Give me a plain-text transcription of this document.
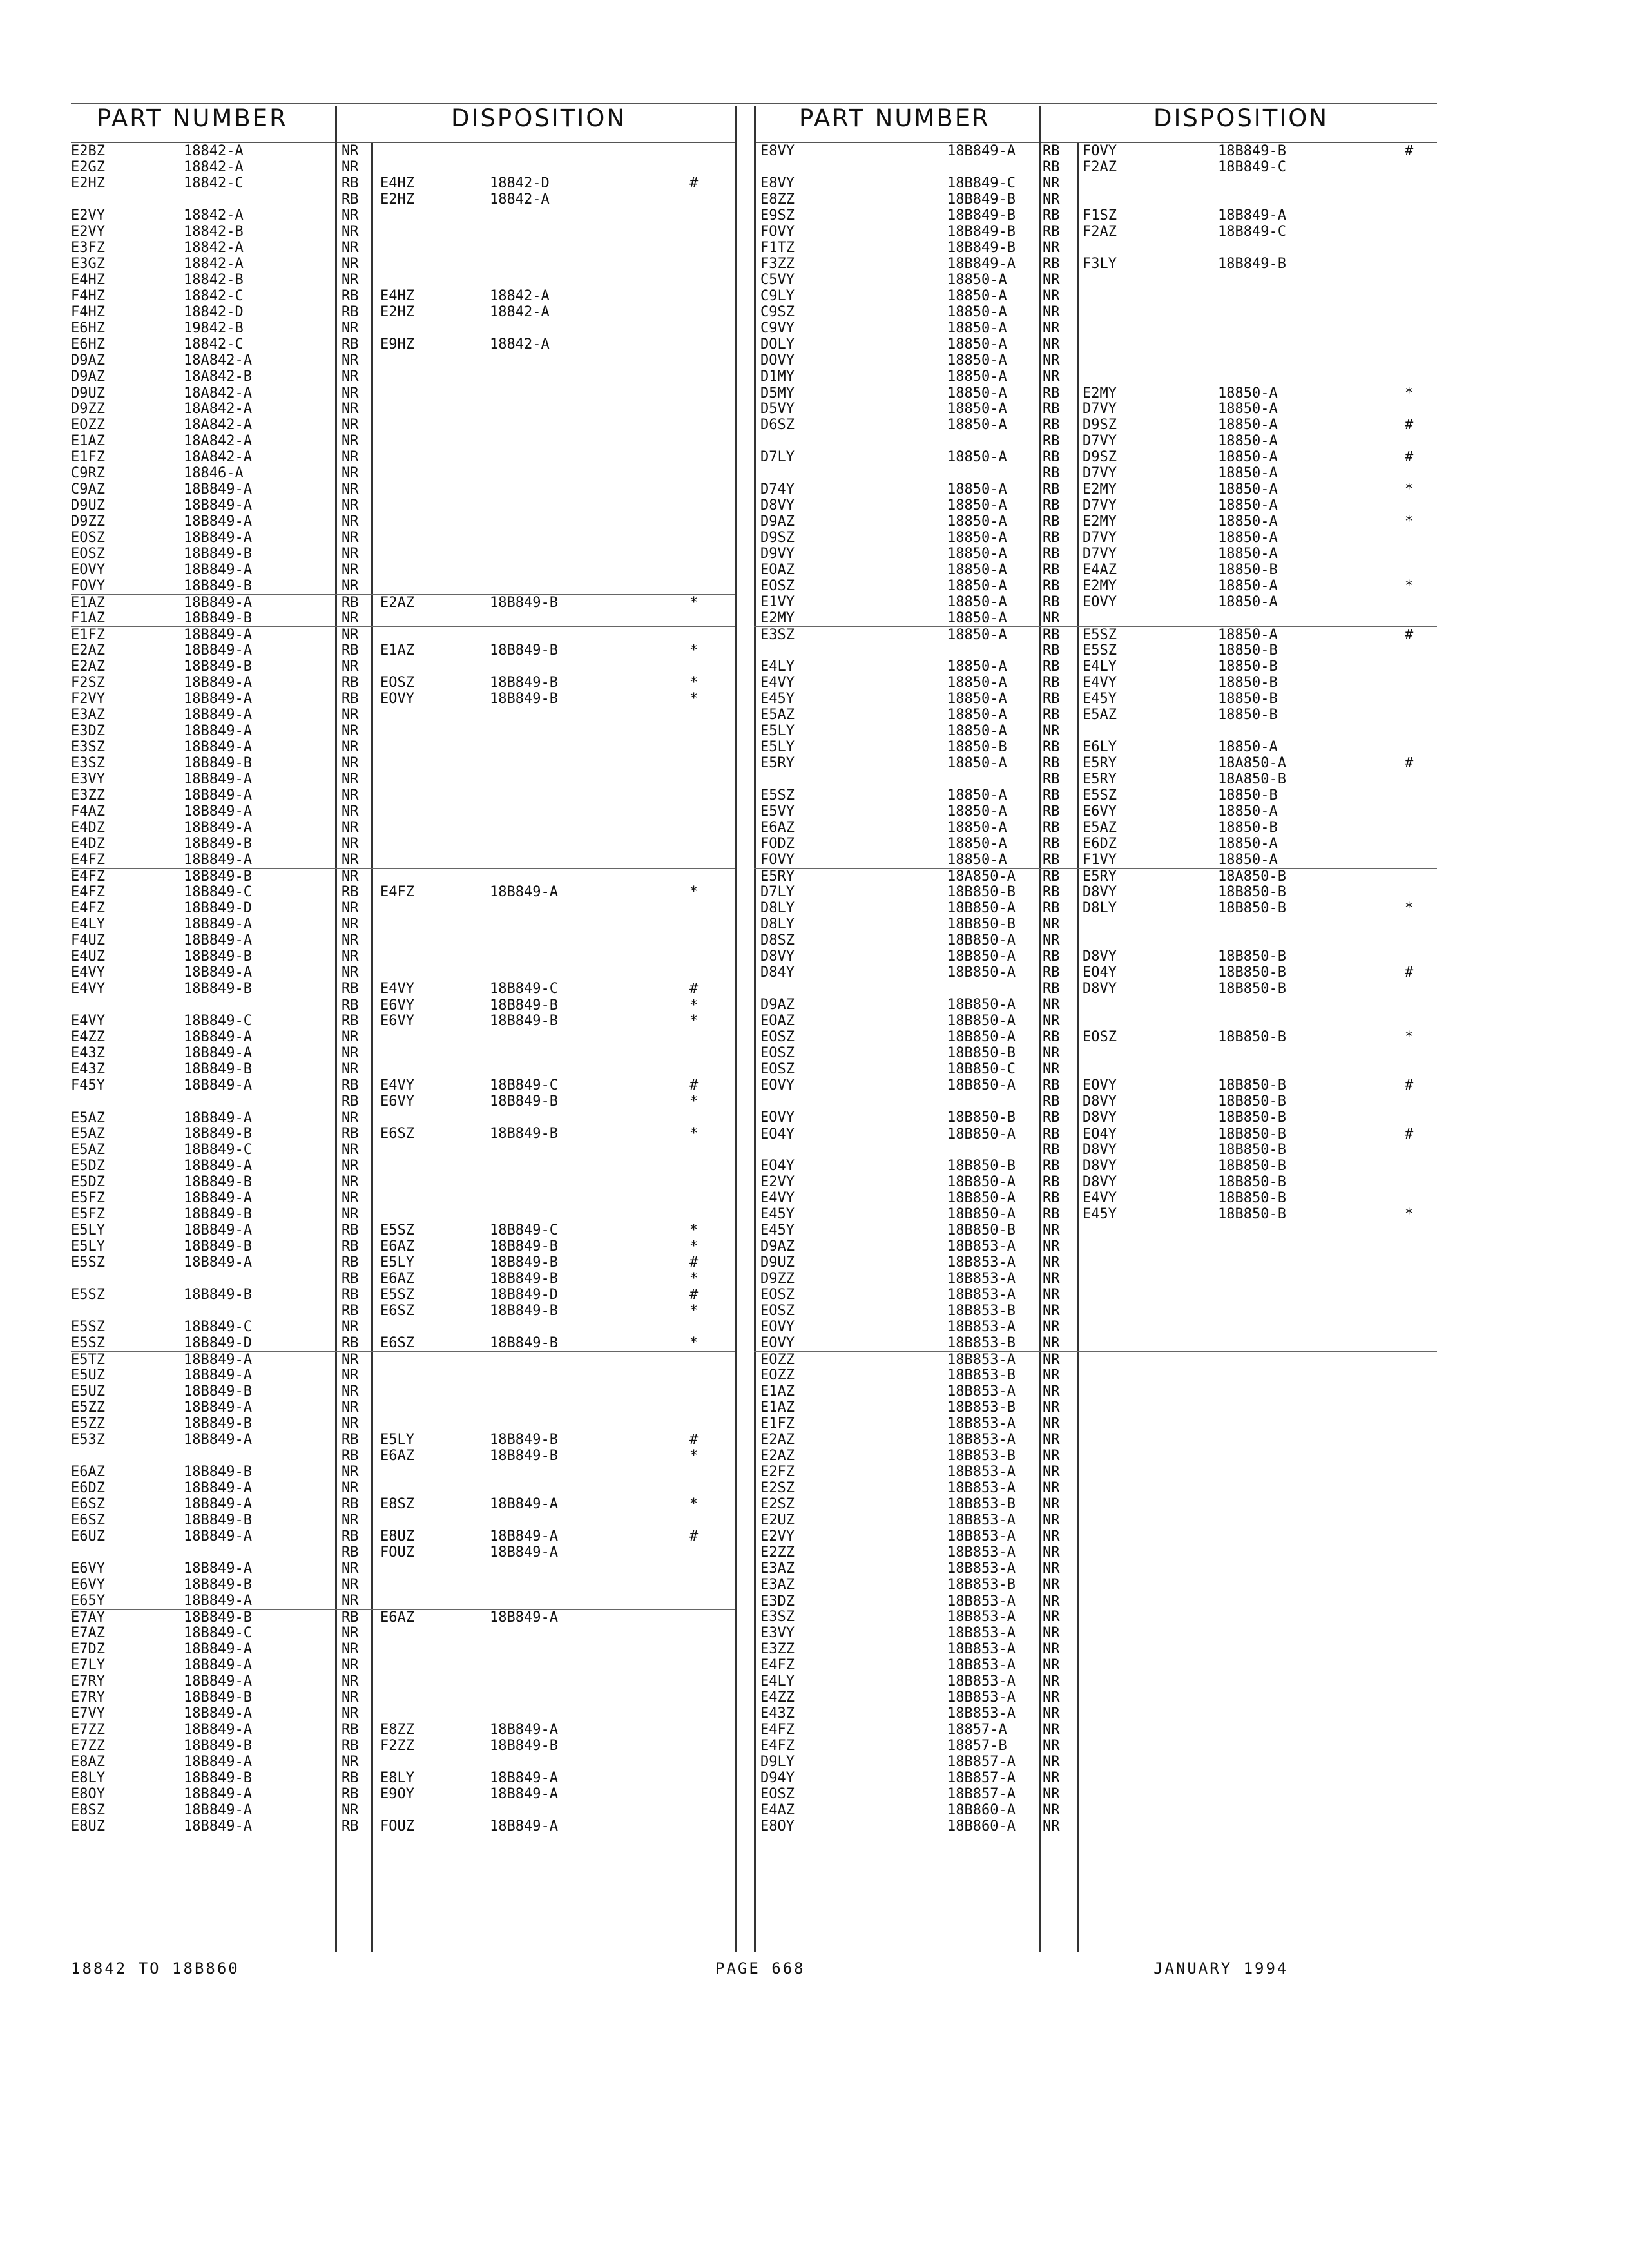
PART NUMBER	DISPOSITION	PART NUMBER	DISPOSITION
E2BZ	18842-A	NR
E2GZ	18842-A	NR
E2HZ	18842-C	RB E4HZ	18842-D	#
RB E2HZ	18842-A
E2VY	18842-A	NR
E2VY	18842-B	NR
E3FZ	18842-A	NR
E3GZ	18842-A	NR
E4HZ	18842-B	NR
F4HZ	18842-C	RB E4HZ	18842-A
F4HZ	18842-D	RB E2HZ	18842-A
E6HZ	19842-B	NR
E6HZ	18842-C	RB E9HZ	18842-A
D9AZ	18A842-A	NR
D9AZ	18A842-B	NR
D9UZ	18A842-A	NR
D9ZZ	18A842-A	NR
EOZZ	18A842-A	NR
E1AZ	18A842-A	NR
E1FZ	18A842-A	NR
C9RZ	18846-A	NR
C9AZ	18B849-A	NR
D9UZ	18B849-A	NR
D9ZZ	18B849-A	NR
EOSZ	18B849-A	NR
EOSZ	18B849-B	NR
EOVY	18B849-A	NR
FOVY	18B849-B	NR
E1AZ	18B849-A	RB E2AZ	18B849-B	*
F1AZ	18B849-B	NR
E1FZ	18B849-A	NR
E2AZ	18B849-A	RB E1AZ	18B849-B	*
E2AZ	18B849-B	NR
F2SZ	18B849-A	RB EOSZ	18B849-B	*
F2VY	18B849-A	RB EOVY	18B849-B	*
E3AZ	18B849-A	NR
E3DZ	18B849-A	NR
E3SZ	18B849-A	NR
E3SZ	18B849-B	NR
E3VY	18B849-A	NR
E3ZZ	18B849-A	NR
F4AZ	18B849-A	NR
E4DZ	18B849-A	NR
E4DZ	18B849-B	NR
E4FZ	18B849-A	NR
E4FZ	18B849-B	NR
E4FZ	18B849-C	RB E4FZ	18B849-A	*
E4FZ	18B849-D	NR
E4LY	18B849-A	NR
F4UZ	18B849-A	NR
E4UZ	18B849-B	NR
E4VY	18B849-A	NR
E4VY	18B849-B	RB E4VY	18B849-C	#
RB E6VY	18B849-B	*
E4VY	18B849-C	RB E6VY	18B849-B	*
E4ZZ	18B849-A	NR
E43Z	18B849-A	NR
E43Z	18B849-B	NR
F45Y	18B849-A	RB E4VY	18B849-C	#
RB E6VY	18B849-B	*
E5AZ	18B849-A	NR
E5AZ	18B849-B	RB E6SZ	18B849-B	*
E5AZ	18B849-C	NR
E5DZ	18B849-A	NR
E5DZ	18B849-B	NR
E5FZ	18B849-A	NR
E5FZ	18B849-B	NR
E5LY	18B849-A	RB E5SZ	18B849-C	*
E5LY	18B849-B	RB E6AZ	18B849-B	*
E5SZ	18B849-A	RB E5LY	18B849-B	#
RB E6AZ	18B849-B	*
E5SZ	18B849-B	RB E5SZ	18B849-D	#
RB E6SZ	18B849-B	*
E5SZ	18B849-C	NR
E5SZ	18B849-D	RB E6SZ	18B849-B	*
E5TZ	18B849-A	NR
E5UZ	18B849-A	NR
E5UZ	18B849-B	NR
E5ZZ	18B849-A	NR
E5ZZ	18B849-B	NR
E53Z	18B849-A	RB E5LY	18B849-B	#
RB E6AZ	18B849-B	*
E6AZ	18B849-B	NR
E6DZ	18B849-A	NR
E6SZ	18B849-A	RB E8SZ	18B849-A	*
E6SZ	18B849-B	NR
E6UZ	18B849-A	RB E8UZ	18B849-A	#
RB FOUZ	18B849-A
E6VY	18B849-A	NR
E6VY	18B849-B	NR
E65Y	18B849-A	NR
E7AY	18B849-B	RB E6AZ	18B849-A
E7AZ	18B849-C	NR
E7DZ	18B849-A	NR
E7LY	18B849-A	NR
E7RY	18B849-A	NR
E7RY	18B849-B	NR
E7VY	18B849-A	NR
E7ZZ	18B849-A	RB E8ZZ	18B849-A
E7ZZ	18B849-B	RB F2ZZ	18B849-B
E8AZ	18B849-A	NR
E8LY	18B849-B	RB E8LY	18B849-A
E8OY	18B849-A	RB E9OY	18B849-A
E8SZ	18B849-A	NR
E8UZ	18B849-A	RB FOUZ	18B849-A
E8VY	18B849-A RB FOVY	18B849-B	#
RB F2AZ	18B849-C
E8VY	18B849-C NR
E8ZZ	18B849-B NR
E9SZ	18B849-B RB F1SZ	18B849-A
FOVY	18B849-B RB F2AZ	18B849-C
F1TZ	18B849-B NR
F3ZZ	18B849-A RB F3LY	18B849-B
C5VY	18850-A	NR
C9LY	18850-A	NR
C9SZ	18850-A	NR
C9VY	18850-A	NR
DOLY	18850-A	NR
DOVY	18850-A	NR
D1MY	18850-A	NR
D5MY	18850-A	RB E2MY	18850-A	*
D5VY	18850-A	RB D7VY	18850-A
D6SZ	18850-A	RB D9SZ	18850-A	#
RB D7VY	18850-A
D7LY	18850-A	RB D9SZ	18850-A	#
RB D7VY	18850-A
D74Y	18850-A	RB E2MY	18850-A	*
D8VY	18850-A	RB D7VY	18850-A
D9AZ	18850-A	RB E2MY	18850-A	*
D9SZ	18850-A	RB D7VY	18850-A
D9VY	18850-A	RB D7VY	18850-A
EOAZ	18850-A	RB E4AZ	18850-B
EOSZ	18850-A	RB E2MY	18850-A	*
E1VY	18850-A	RB EOVY	18850-A
E2MY	18850-A	NR
E3SZ	18850-A	RB E5SZ	18850-A	#
RB E5SZ	18850-B
E4LY	18850-A	RB E4LY	18850-B
E4VY	18850-A	RB E4VY	18850-B
E45Y	18850-A	RB E45Y	18850-B
E5AZ	18850-A	RB E5AZ	18850-B
E5LY	18850-A	NR
E5LY	18850-B	RB E6LY	18850-A
E5RY	18850-A	RB E5RY	18A850-A	#
RB E5RY	18A850-B
E5SZ	18850-A	RB E5SZ	18850-B
E5VY	18850-A	RB E6VY	18850-A
E6AZ	18850-A	RB E5AZ	18850-B
FODZ	18850-A	RB E6DZ	18850-A
FOVY	18850-A	RB F1VY	18850-A
E5RY	18A850-A RB E5RY	18A850-B
D7LY	18B850-B RB D8VY	18B850-B
D8LY	18B850-A RB D8LY	18B850-B	*
D8LY	18B850-B NR
D8SZ	18B850-A NR
D8VY	18B850-A RB D8VY	18B850-B
D84Y	18B850-A RB EO4Y	18B850-B	#
RB D8VY	18B850-B
D9AZ	18B850-A NR
EOAZ	18B850-A NR
EOSZ	18B850-A RB EOSZ	18B850-B	*
EOSZ	18B850-B NR
EOSZ	18B850-C NR
EOVY	18B850-A RB EOVY	18B850-B	#
RB D8VY	18B850-B
EOVY	18B850-B RB D8VY	18B850-B
EO4Y	18B850-A RB EO4Y	18B850-B	#
RB D8VY	18B850-B
EO4Y	18B850-B RB D8VY	18B850-B
E2VY	18B850-A RB D8VY	18B850-B
E4VY	18B850-A RB E4VY	18B850-B
E45Y	18B850-A RB E45Y	18B850-B	*
E45Y	18B850-B NR
D9AZ	18B853-A NR
D9UZ	18B853-A NR
D9ZZ	18B853-A NR
EOSZ	18B853-A NR
EOSZ	18B853-B NR
EOVY	18B853-A NR
EOVY	18B853-B NR
EOZZ	18B853-A NR
EOZZ	18B853-B NR
E1AZ	18B853-A NR
E1AZ	18B853-B NR
E1FZ	18B853-A NR
E2AZ	18B853-A NR
E2AZ	18B853-B NR
E2FZ	18B853-A NR
E2SZ	18B853-A NR
E2SZ	18B853-B NR
E2UZ	18B853-A NR
E2VY	18B853-A NR
E2ZZ	18B853-A NR
E3AZ	18B853-A NR
E3AZ	18B853-B NR
E3DZ	18B853-A NR
E3SZ	18B853-A NR
E3VY	18B853-A NR
E3ZZ	18B853-A NR
E4FZ	18B853-A NR
E4LY	18B853-A NR
E4ZZ	18B853-A NR
E43Z	18B853-A NR
E4FZ	18857-A	NR
E4FZ	18857-B	NR
D9LY	18B857-A NR
D94Y	18B857-A NR
EOSZ	18B857-A NR
E4AZ	18B860-A NR
E8OY	18B860-A NR
18842 TO 18B860	PAGE 668	JANUARY 1994
